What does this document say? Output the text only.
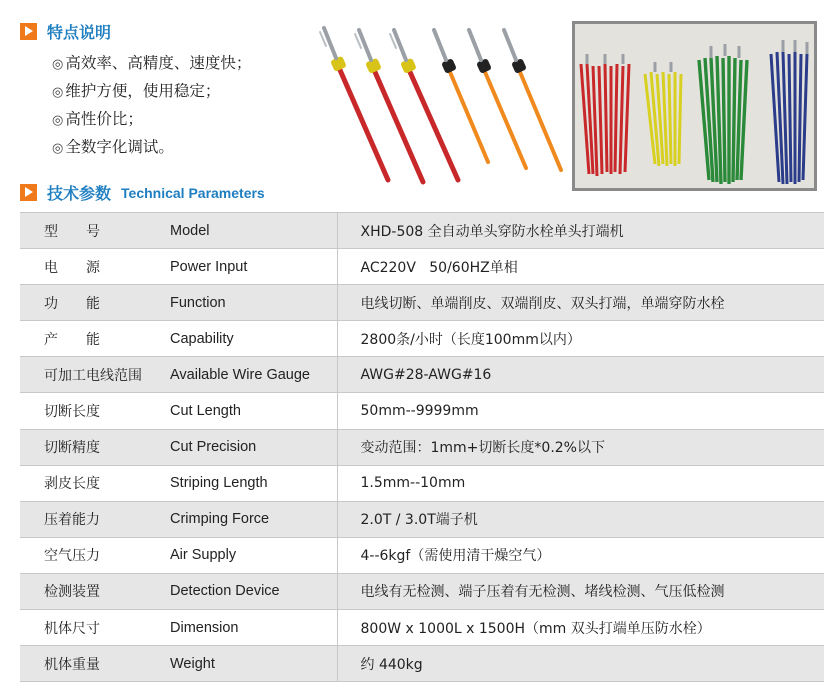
特点说明
◎ 高效率、高精度、速度快；
◎ 维护方便，使用稳定；
◎ 高性价比；
◎ 全数字化调试。
技术参数 Technical Parameters
型　　号	Model	XHD-508 全自动单头穿防水栓单头打端机
电　　源	Power Input	AC220V   50/60HZ单相
功　　能	Function	电线切断、单端削皮、双端削皮、双头打端，单端穿防水栓
产　　能	Capability	2800条/小时（长度100mm以内）
可加工电线范围	Available Wire Gauge	AWG#28-AWG#16
切断长度	Cut Length	50mm--9999mm
切断精度	Cut Precision	变动范围：1mm+切断长度*0.2%以下
剥皮长度	Striping Length	1.5mm--10mm
压着能力	Crimping Force	2.0T / 3.0T端子机
空气压力	Air Supply	4--6kgf（需使用清干燥空气）
检测装置	Detection Device	电线有无检测、端子压着有无检测、堵线检测、气压低检测
机体尺寸	Dimension	800W x 1000L x 1500H（mm 双头打端单压防水栓）
机体重量	Weight	约 440kg
